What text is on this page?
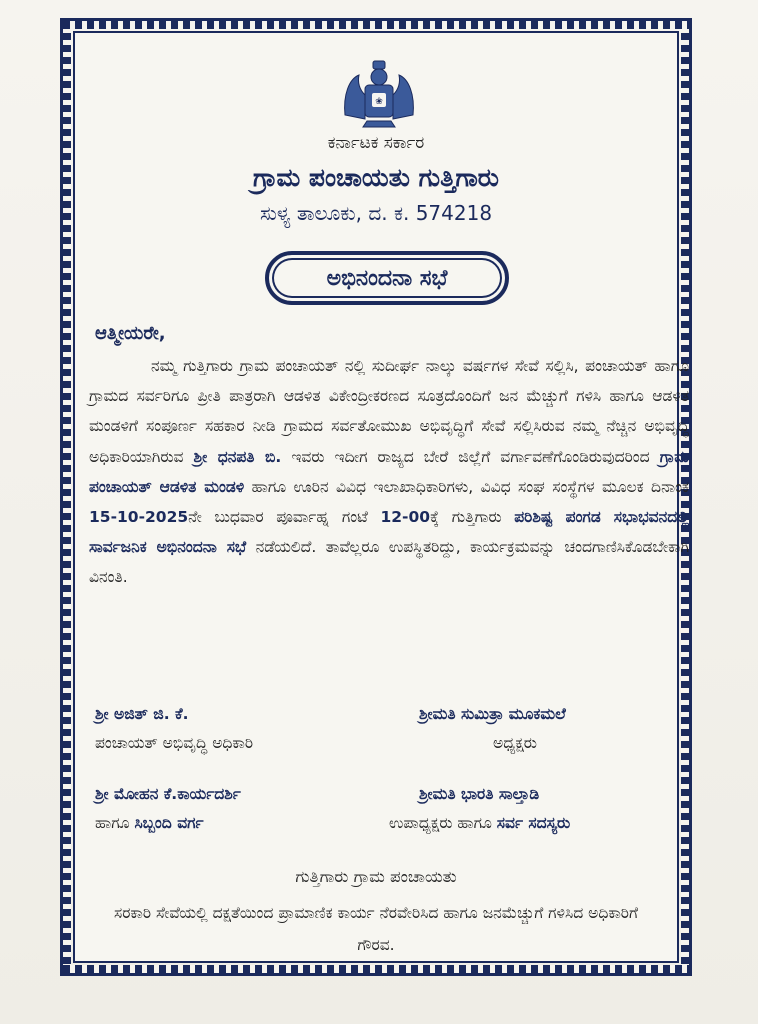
❀
ಕರ್ನಾಟಕ ಸರ್ಕಾರ
ಗ್ರಾಮ ಪಂಚಾಯತು ಗುತ್ತಿಗಾರು
ಸುಳ್ಯ ತಾಲೂಕು, ದ. ಕ. 574218
ಅಭಿನಂದನಾ ಸಭೆ
ಆತ್ಮೀಯರೇ,

ನಮ್ಮ ಗುತ್ತಿಗಾರು ಗ್ರಾಮ ಪಂಚಾಯತ್ ನಲ್ಲಿ ಸುದೀರ್ಘ ನಾಲ್ಕು ವರ್ಷಗಳ ಸೇವೆ ಸಲ್ಲಿಸಿ, ಪಂಚಾಯತ್ ಹಾಗೂ ಗ್ರಾಮದ ಸರ್ವರಿಗೂ ಪ್ರೀತಿ ಪಾತ್ರರಾಗಿ ಆಡಳಿತ ವಿಕೇಂದ್ರೀಕರಣದ ಸೂತ್ರದೊಂದಿಗೆ ಜನ ಮೆಚ್ಚುಗೆ ಗಳಿಸಿ ಹಾಗೂ ಆಡಳಿತ ಮಂಡಳಿಗೆ ಸಂಪೂರ್ಣ ಸಹಕಾರ ನೀಡಿ ಗ್ರಾಮದ ಸರ್ವತೋಮುಖ ಅಭಿವೃದ್ಧಿಗೆ ಸೇವೆ ಸಲ್ಲಿಸಿರುವ ನಮ್ಮ ನೆಚ್ಚಿನ ಅಭಿವೃದ್ಧಿ ಅಧಿಕಾರಿಯಾಗಿರುವ ಶ್ರೀ ಧನಪತಿ ಬಿ. ಇವರು ಇದೀಗ ರಾಜ್ಯದ ಬೇರೆ ಜಿಲ್ಲೆಗೆ ವರ್ಗಾವಣೆಗೊಂಡಿರುವುದರಿಂದ ಗ್ರಾಮ ಪಂಚಾಯತ್ ಆಡಳಿತ ಮಂಡಳಿ ಹಾಗೂ ಊರಿನ ವಿವಿಧ ಇಲಾಖಾಧಿಕಾರಿಗಳು, ವಿವಿಧ ಸಂಘ ಸಂಸ್ಥೆಗಳ ಮೂಲಕ ದಿನಾಂಕ 15-10-2025ನೇ ಬುಧವಾರ ಪೂರ್ವಾಹ್ನ ಗಂಟೆ 12-00ಕ್ಕೆ ಗುತ್ತಿಗಾರು ಪರಿಶಿಷ್ಟ ಪಂಗಡ ಸಭಾಭವನದಲ್ಲಿ ಸಾರ್ವಜನಿಕ ಅಭಿನಂದನಾ ಸಭೆ ನಡೆಯಲಿದೆ. ತಾವೆಲ್ಲರೂ ಉಪಸ್ಥಿತರಿದ್ದು, ಕಾರ್ಯಕ್ರಮವನ್ನು ಚಂದಗಾಣಿಸಿಕೊಡಬೇಕಾಗಿ ವಿನಂತಿ.

ಶ್ರೀ ಅಜಿತ್ ಜಿ. ಕೆ.
ಪಂಚಾಯತ್ ಅಭಿವೃದ್ಧಿ ಅಧಿಕಾರಿ
ಶ್ರೀಮತಿ ಸುಮಿತ್ರಾ ಮೂಕಮಲೆ
ಅಧ್ಯಕ್ಷರು
ಶ್ರೀ ಮೋಹನ ಕೆ.ಕಾರ್ಯದರ್ಶಿ
ಹಾಗೂ ಸಿಬ್ಬಂದಿ ವರ್ಗ
ಶ್ರೀಮತಿ ಭಾರತಿ ಸಾಲ್ತಾಡಿ
ಉಪಾಧ್ಯಕ್ಷರು ಹಾಗೂ ಸರ್ವ ಸದಸ್ಯರು
ಗುತ್ತಿಗಾರು ಗ್ರಾಮ ಪಂಚಾಯತು
ಸರಕಾರಿ ಸೇವೆಯಲ್ಲಿ ದಕ್ಷತೆಯಿಂದ ಪ್ರಾಮಾಣಿಕ ಕಾರ್ಯ ನೆರವೇರಿಸಿದ ಹಾಗೂ ಜನಮೆಚ್ಚುಗೆ ಗಳಿಸಿದ ಅಧಿಕಾರಿಗೆ ಗೌರವ.
